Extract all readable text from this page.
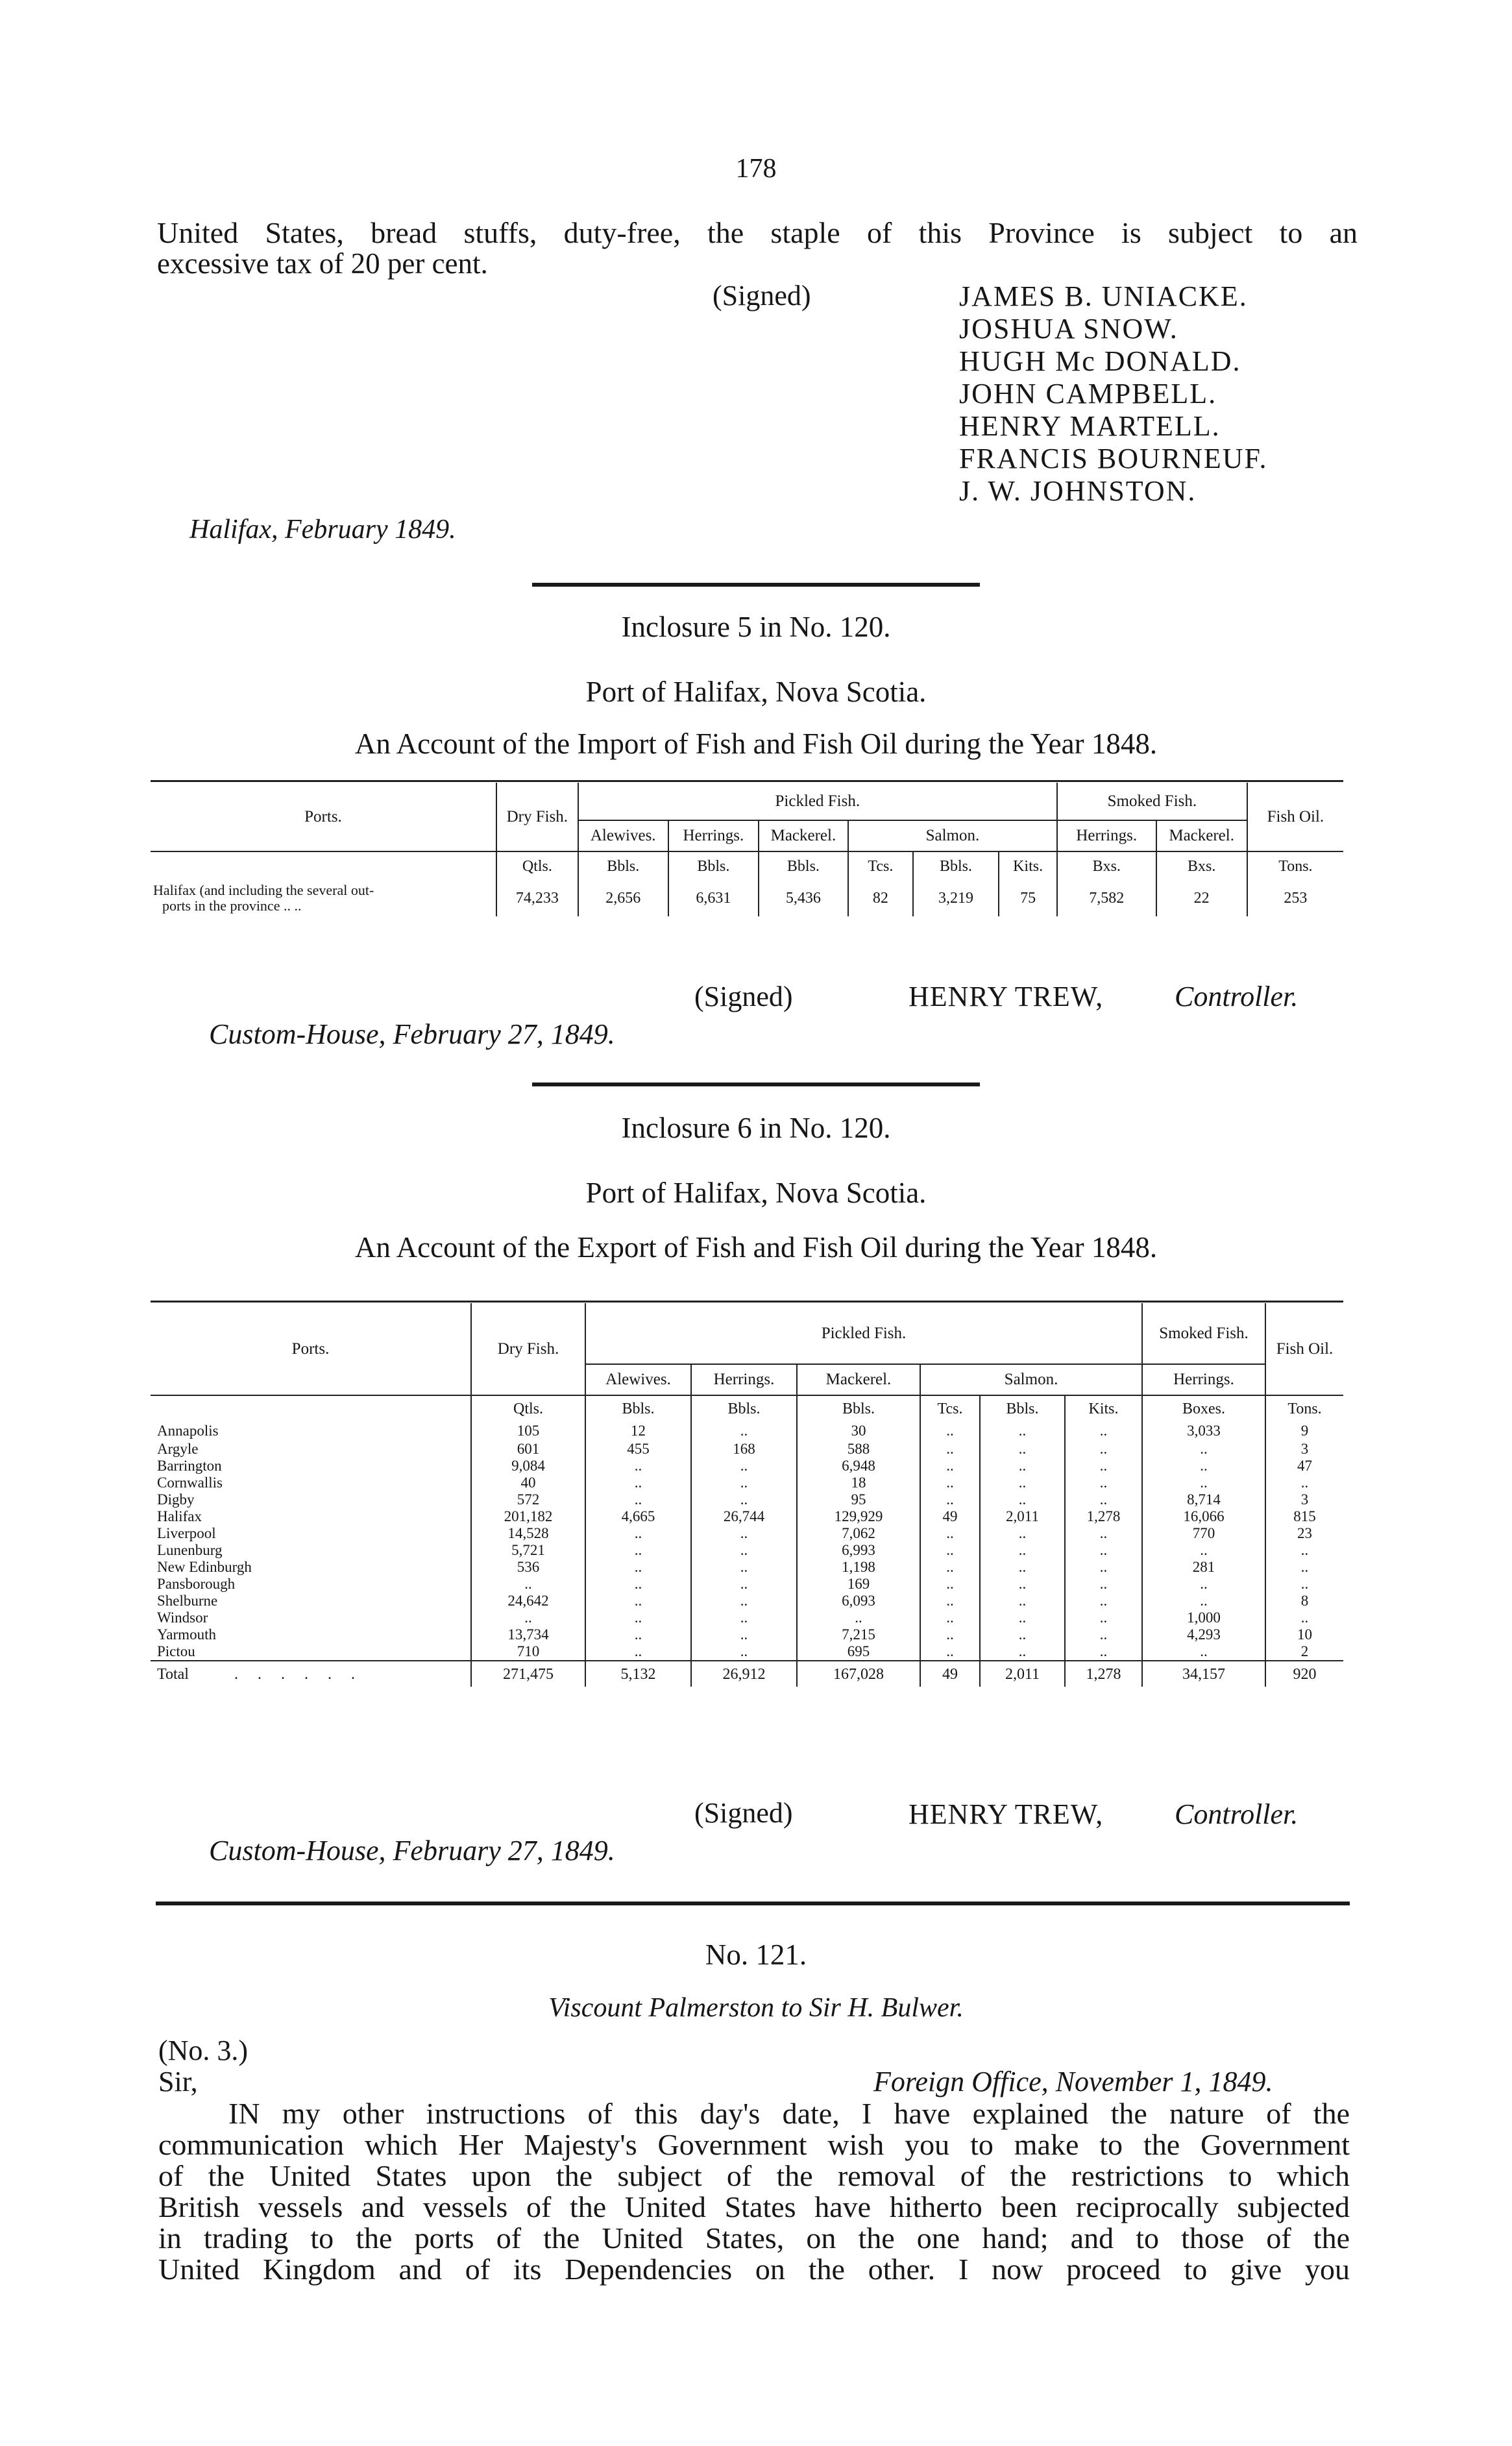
178
United States, bread stuffs, duty-free, the staple of this Province is subject to an
excessive tax of 20 per cent.
(Signed)	JAMES B. UNIACKE.
JOSHUA SNOW.
HUGH Mc DONALD.
JOHN CAMPBELL.
HENRY MARTELL.
FRANCIS BOURNEUF.
J. W. JOHNSTON.
Halifax, February 1849.
Inclosure 5 in No. 120.
Port of Halifax, Nova Scotia.
An Account of the Import of Fish and Fish Oil during the Year 1848.
Ports.	Dry Fish.	Pickled Fish.						Smoked Fish.		Fish Oil.
		Alewives.	Herrings.	Mackerel.	Salmon.			Herrings.	Mackerel.	
	Qtls.	Bbls.	Bbls.	Bbls.	Tcs.	Bbls.	Kits.	Bxs.	Bxs.	Tons.

Halifax (and including the several out-
ports in the province .. ..	74,233	2,656	6,631	5,436	82	3,219	75	7,582	22	253
(Signed)	HENRY TREW, Controller.
Custom-House, February 27, 1849.
Inclosure 6 in No. 120.
Port of Halifax, Nova Scotia.
An Account of the Export of Fish and Fish Oil during the Year 1848.
Ports.	Dry Fish.	Pickled Fish.						Smoked Fish.	Fish Oil.
		Alewives.	Herrings.	Mackerel.	Salmon.			Herrings.	
	Qtls.	Bbls.	Bbls.	Bbls.	Tcs.	Bbls.	Kits.	Boxes.	Tons.
Annapolis	105	12	..	30	..	..	..	3,033	9
Argyle	601	455	168	588	..	..	..	..	3
Barrington	9,084	..	..	6,948	..	..	..	..	47
Cornwallis	40	..	..	18	..	..	..	..	..
Digby	572	..	..	95	..	..	..	8,714	3
Halifax	201,182	4,665	26,744	129,929	49	2,011	1,278	16,066	815
Liverpool	14,528	..	..	7,062	..	..	..	770	23
Lunenburg	5,721	..	..	6,993	..	..	..	..	..
New Edinburgh	536	..	..	1,198	..	..	..	281	..
Pansborough	..	..	..	169	..	..	..	..	..
Shelburne	24,642	..	..	6,093	..	..	..	..	8
Windsor	..	..	..	..	..	..	..	1,000	..
Yarmouth	13,734	..	..	7,215	..	..	..	4,293	10
Pictou	710	..	..	695	..	..	..	..	2
Total ......	271,475	5,132	26,912	167,028	49	2,011	1,278	34,157	920
(Signed)	HENRY TREW, Controller.
Custom-House, February 27, 1849.
No. 121.
Viscount Palmerston to Sir H. Bulwer.
(No. 3.)
Sir,	Foreign Office, November 1, 1849.
IN my other instructions of this day's date, I have explained the nature of the
communication which Her Majesty's Government wish you to make to the Government
of the United States upon the subject of the removal of the restrictions to which
British vessels and vessels of the United States have hitherto been reciprocally subjected
in trading to the ports of the United States, on the one hand; and to those of the
United Kingdom and of its Dependencies on the other. I now proceed to give you
